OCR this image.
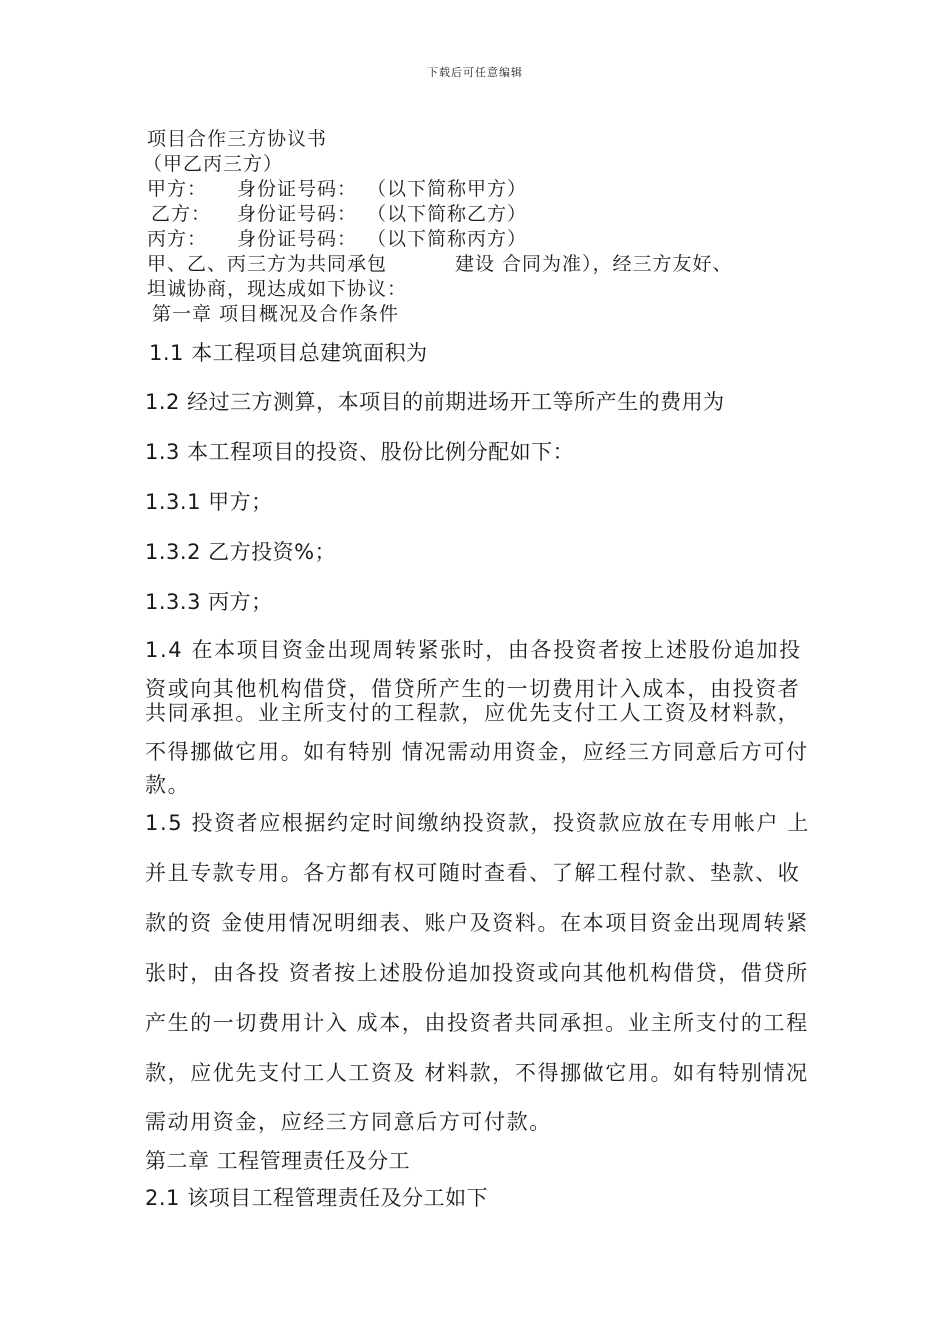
下载后可任意编辑
项目合作三方协议书
（甲乙丙三方）
甲方： 身份证号码： （以下简称甲方）
乙方： 身份证号码： （以下简称乙方）
丙方： 身份证号码： （以下简称丙方）
甲、乙、丙三方为共同承包	建设 合同为准），经三方友好、
坦诚协商，现达成如下协议：
第一章 项目概况及合作条件
1.1 本工程项目总建筑面积为
1.2 经过三方测算，本项目的前期进场开工等所产生的费用为
1.3 本工程项目的投资、股份比例分配如下：
1.3.1 甲方；
1.3.2 乙方投资%；
1.3.3 丙方；
1.4 在本项目资金出现周转紧张时，由各投资者按上述股份追加投
资或向其他机构借贷，借贷所产生的一切费用计入成本，由投资者
共同承担。业主所支付的工程款，应优先支付工人工资及材料款，
不得挪做它用。如有特别 情况需动用资金，应经三方同意后方可付
款。
1.5 投资者应根据约定时间缴纳投资款，投资款应放在专用帐户 上
并且专款专用。各方都有权可随时查看、了解工程付款、垫款、收
款的资 金使用情况明细表、账户及资料。在本项目资金出现周转紧
张时，由各投 资者按上述股份追加投资或向其他机构借贷，借贷所
产生的一切费用计入 成本，由投资者共同承担。业主所支付的工程
款，应优先支付工人工资及 材料款，不得挪做它用。如有特别情况
需动用资金，应经三方同意后方可付款。
第二章 工程管理责任及分工
2.1 该项目工程管理责任及分工如下
